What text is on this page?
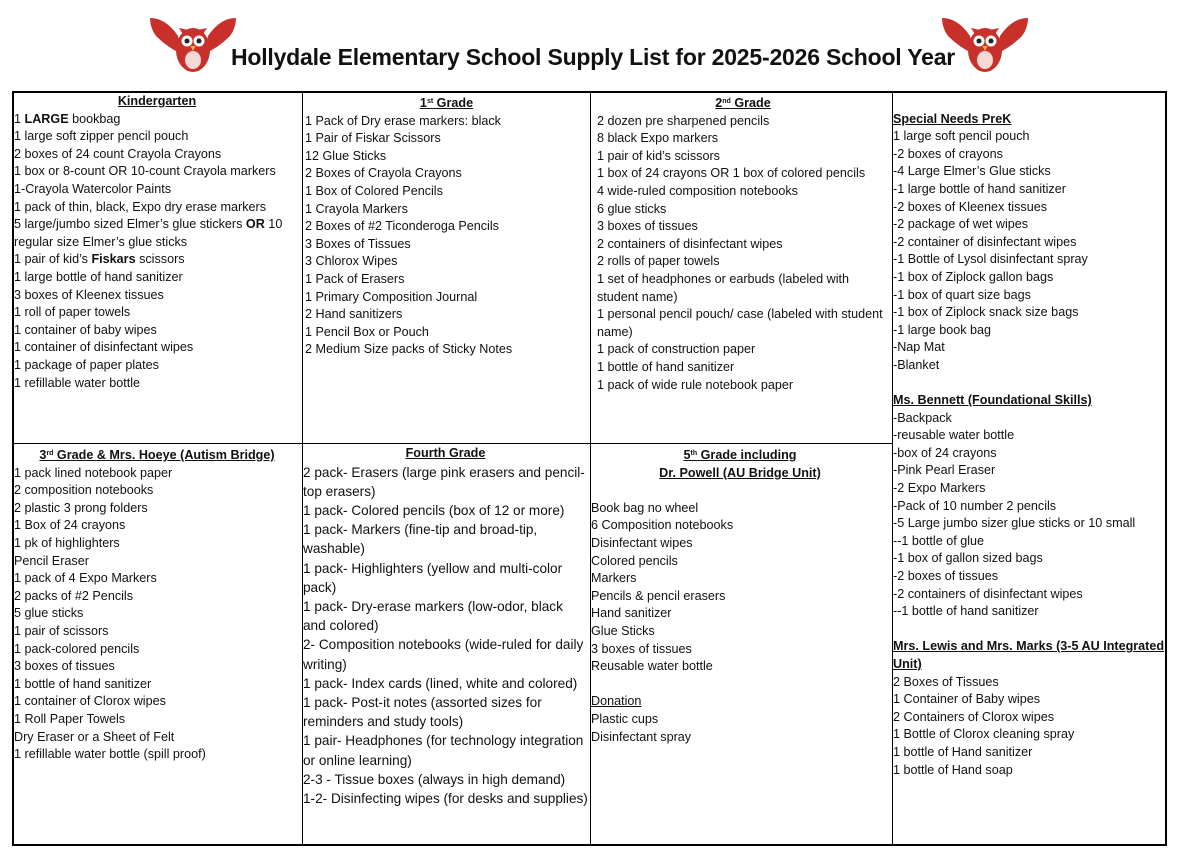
Hollydale Elementary School Supply List for 2025-2026 School Year
Kindergarten
1 LARGE bookbag
1 large soft zipper pencil pouch
2 boxes of 24 count Crayola Crayons
1 box or 8-count OR 10-count Crayola markers
1-Crayola Watercolor Paints
1 pack of thin, black, Expo dry erase markers
5 large/jumbo sized Elmer’s glue stickers OR 10 regular size Elmer’s glue sticks
1 pair of kid’s Fiskars scissors
1 large bottle of hand sanitizer
3 boxes of Kleenex tissues
1 roll of paper towels
1 container of baby wipes
1 container of disinfectant wipes
1 package of paper plates
1 refillable water bottle
1st Grade
1 Pack of Dry erase markers: black
1 Pair of Fiskar Scissors
12 Glue Sticks
2 Boxes of Crayola Crayons
1 Box of Colored Pencils
1 Crayola Markers
2 Boxes of #2 Ticonderoga Pencils
3 Boxes of Tissues
3 Chlorox Wipes
1 Pack of Erasers
1 Primary Composition Journal
2 Hand sanitizers
1 Pencil Box or Pouch
2 Medium Size packs of Sticky Notes
2nd Grade
2 dozen pre sharpened pencils
8 black Expo markers
1 pair of kid’s scissors
1 box of 24 crayons OR 1 box of colored pencils
4 wide-ruled composition notebooks
6 glue sticks
3 boxes of tissues
2 containers of disinfectant wipes
2 rolls of paper towels
1 set of headphones or earbuds (labeled with student name)
1 personal pencil pouch/ case (labeled with student name)
1 pack of construction paper
1 bottle of hand sanitizer
1 pack of wide rule notebook paper
Special Needs PreK
1 large soft pencil pouch
-2 boxes of crayons
-4 Large Elmer’s Glue sticks
-1 large bottle of hand sanitizer
-2 boxes of Kleenex tissues
-2 package of wet wipes
-2 container of disinfectant wipes
-1 Bottle of Lysol disinfectant spray
-1 box of Ziplock gallon bags
-1 box of quart size bags
-1 box of Ziplock snack size bags
-1 large book bag
-Nap Mat
-Blanket
Ms. Bennett (Foundational Skills)
-Backpack
-reusable water bottle
-box of 24 crayons
-Pink Pearl Eraser
-2 Expo Markers
-Pack of 10 number 2 pencils
-5 Large jumbo sizer glue sticks or 10 small
--1 bottle of glue
-1 box of gallon sized bags
-2 boxes of tissues
-2 containers of disinfectant wipes
--1 bottle of hand sanitizer
Mrs. Lewis and Mrs. Marks (3-5 AU Integrated Unit)
2 Boxes of Tissues
1 Container of Baby wipes
2 Containers of Clorox wipes
1 Bottle of Clorox cleaning spray
1 bottle of Hand sanitizer
1 bottle of Hand soap
3rd Grade & Mrs. Hoeye (Autism Bridge)
1 pack lined notebook paper
2 composition notebooks
2 plastic 3 prong folders
1 Box of 24 crayons
1 pk of highlighters
Pencil Eraser
1 pack of 4 Expo Markers
2 packs of #2 Pencils
5 glue sticks
1 pair of scissors
1 pack-colored pencils
3 boxes of tissues
1 bottle of hand sanitizer
1 container of Clorox wipes
1 Roll Paper Towels
Dry Eraser or a Sheet of Felt
1 refillable water bottle (spill proof)
Fourth Grade
2 pack- Erasers (large pink erasers and pencil-top erasers)
1 pack- Colored pencils (box of 12 or more)
1 pack- Markers (fine-tip and broad-tip, washable)
1 pack- Highlighters (yellow and multi-color pack)
1 pack- Dry-erase markers (low-odor, black and colored)
2- Composition notebooks (wide-ruled for daily writing)
1 pack- Index cards (lined, white and colored)
1 pack- Post-it notes (assorted sizes for reminders and study tools)
1 pair- Headphones (for technology integration or online learning)
2-3 - Tissue boxes (always in high demand)
1-2- Disinfecting wipes (for desks and supplies)
5th Grade including
Dr. Powell (AU Bridge Unit)
Book bag no wheel
6 Composition notebooks
Disinfectant wipes
Colored pencils
Markers
Pencils & pencil erasers
Hand sanitizer
Glue Sticks
3 boxes of tissues
Reusable water bottle
Donation
Plastic cups
Disinfectant spray
